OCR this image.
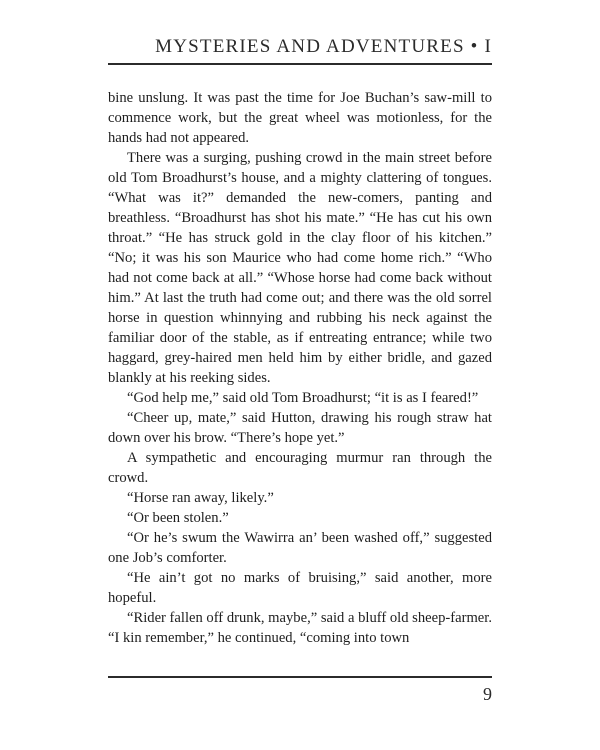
MYSTERIES AND ADVENTURES • I

bine unslung. It was past the time for Joe Buchan’s saw-mill to commence work, but the great wheel was motionless, for the hands had not appeared.

There was a surging, pushing crowd in the main street before old Tom Broadhurst’s house, and a mighty clattering of tongues. “What was it?” demanded the new-comers, panting and breathless. “Broadhurst has shot his mate.” “He has cut his own throat.” “He has struck gold in the clay floor of his kitchen.” “No; it was his son Maurice who had come home rich.” “Who had not come back at all.” “Whose horse had come back without him.” At last the truth had come out; and there was the old sorrel horse in question whinnying and rubbing his neck against the familiar door of the stable, as if entreating entrance; while two haggard, grey-haired men held him by either bridle, and gazed blankly at his reeking sides.

“God help me,” said old Tom Broadhurst; “it is as I feared!”

“Cheer up, mate,” said Hutton, drawing his rough straw hat down over his brow. “There’s hope yet.”

A sympathetic and encouraging murmur ran through the crowd.

“Horse ran away, likely.”

“Or been stolen.”

“Or he’s swum the Wawirra an’ been washed off,” suggested one Job’s comforter.

“He ain’t got no marks of bruising,” said another, more hopeful.

“Rider fallen off drunk, maybe,” said a bluff old sheep-farmer. “I kin remember,” he continued, “coming into town

9
